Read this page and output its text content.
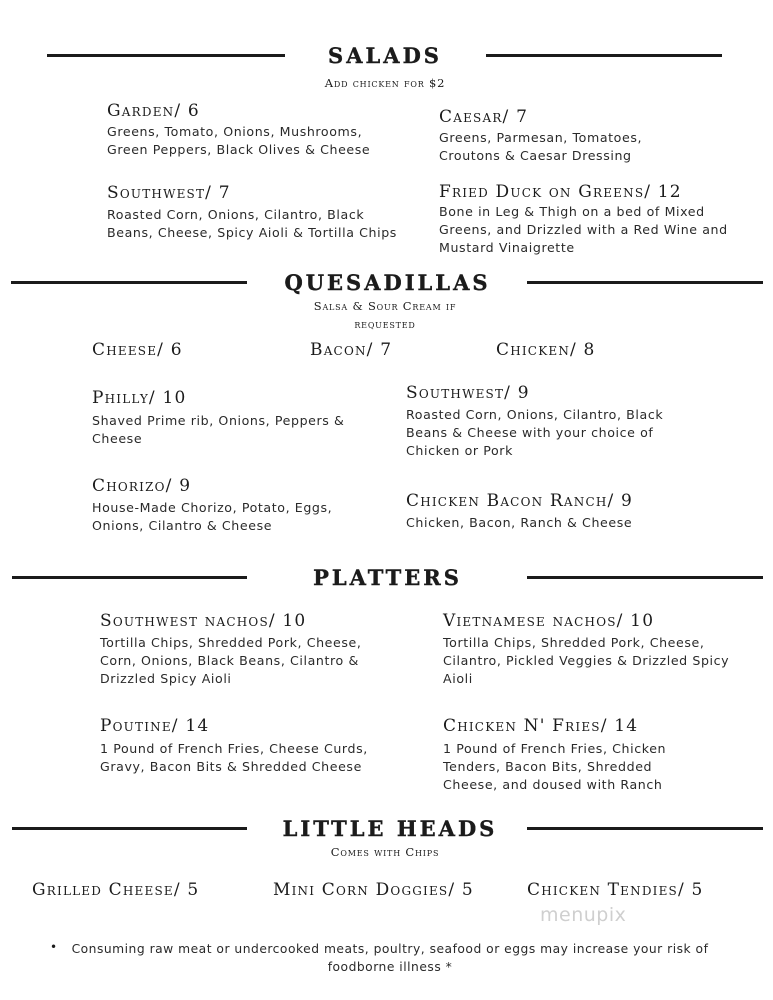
SALADS
Add chicken for $2
Garden/ 6
Greens, Tomato, Onions, Mushrooms, Green Peppers, Black Olives & Cheese
Caesar/ 7
Greens, Parmesan, Tomatoes, Croutons & Caesar Dressing
Southwest/ 7
Roasted Corn, Onions, Cilantro, Black Beans, Cheese, Spicy Aioli & Tortilla Chips
Fried Duck on Greens/ 12
Bone in Leg & Thigh on a bed of Mixed Greens, and Drizzled with a Red Wine and Mustard Vinaigrette
QUESADILLAS
Salsa & Sour Cream if requested
Cheese/ 6	Bacon/ 7	Chicken/ 8
Philly/ 10
Shaved Prime rib, Onions, Peppers & Cheese
Southwest/ 9
Roasted Corn, Onions, Cilantro, Black Beans & Cheese with your choice of Chicken or Pork
Chorizo/ 9
House-Made Chorizo, Potato, Eggs, Onions, Cilantro & Cheese
Chicken Bacon Ranch/ 9
Chicken, Bacon, Ranch & Cheese
PLATTERS
Southwest nachos/ 10
Tortilla Chips, Shredded Pork, Cheese, Corn, Onions, Black Beans, Cilantro & Drizzled Spicy Aioli
Vietnamese nachos/ 10
Tortilla Chips, Shredded Pork, Cheese, Cilantro, Pickled Veggies & Drizzled Spicy Aioli
Poutine/ 14
1 Pound of French Fries, Cheese Curds, Gravy, Bacon Bits & Shredded Cheese
Chicken N' Fries/ 14
1 Pound of French Fries, Chicken Tenders, Bacon Bits, Shredded Cheese, and doused with Ranch
LITTLE HEADS
Comes with Chips
Grilled Cheese/ 5	Mini Corn Doggies/ 5	Chicken Tendies/ 5
menupix
•	Consuming raw meat or undercooked meats, poultry, seafood or eggs may increase your risk of foodborne illness *
